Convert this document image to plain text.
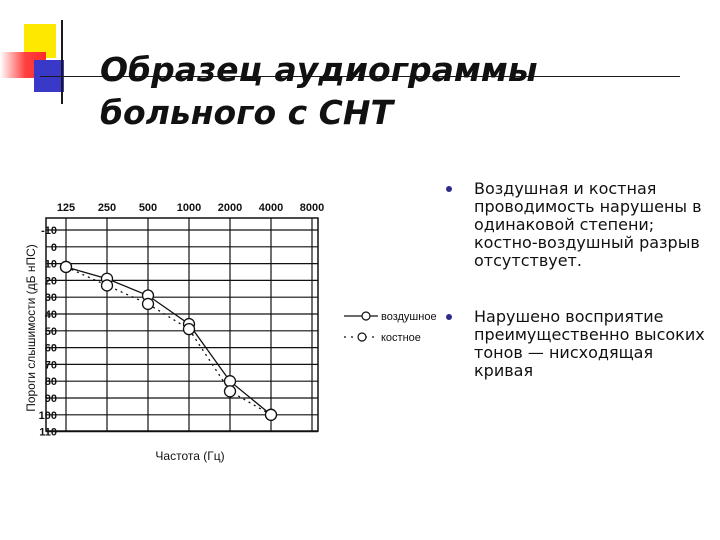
Образец аудиограммы
больного с СНТ
125 250 500 1000 2000 4000 8000
-10
0
10
20
30
40
50
60
70
80
90
100
110
Частота (Гц)
Пороги слышимости (дБ нПС)	воздушное
костное
Воздушная и костная проводимость нарушены в одинаковой степени; костно-воздушный разрыв отсутствует.
Нарушено восприятие преимущественно высоких тонов — нисходящая кривая
